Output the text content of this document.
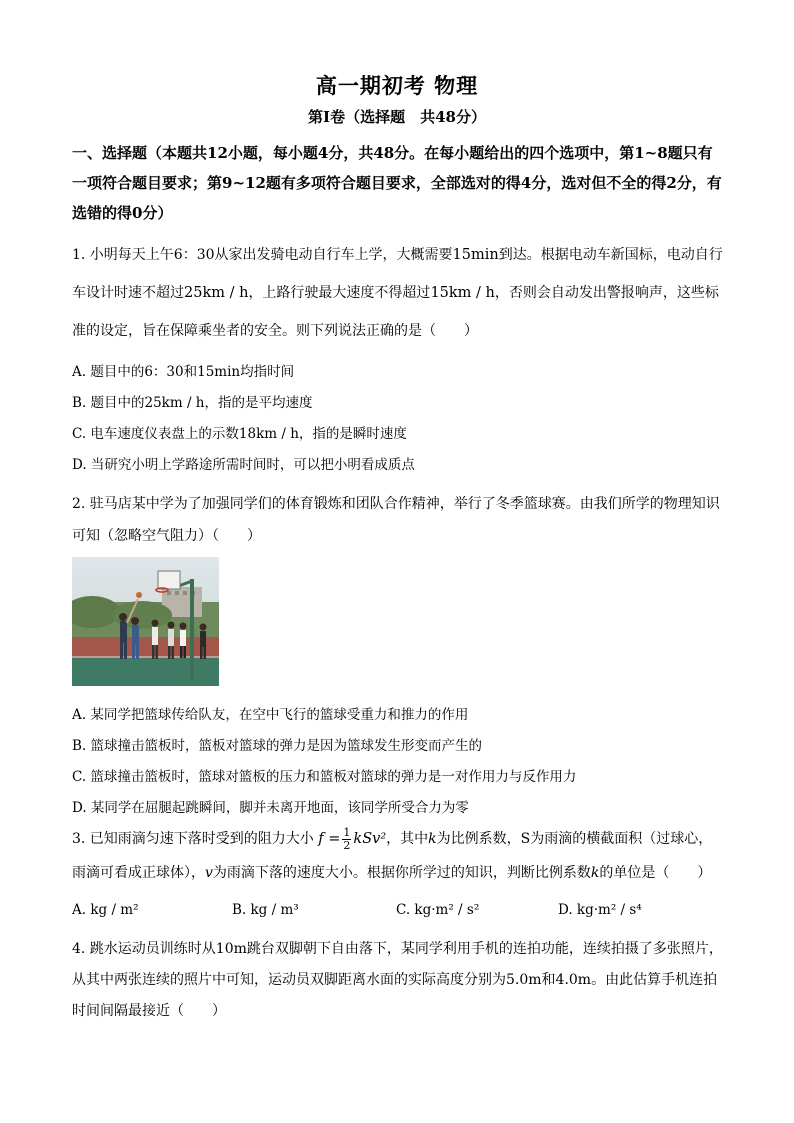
高一期初考 物理
第Ⅰ卷（选择题　共48分）
一、选择题（本题共12小题，每小题4分，共48分。在每小题给出的四个选项中，第1~8题只有一项符合题目要求；第9~12题有多项符合题目要求，全部选对的得4分，选对但不全的得2分，有选错的得0分）
1. 小明每天上午6：30从家出发骑电动自行车上学，大概需要15min到达。根据电动车新国标，电动自行车设计时速不超过25km / h，上路行驶最大速度不得超过15km / h，否则会自动发出警报响声，这些标准的设定，旨在保障乘坐者的安全。则下列说法正确的是（　　）
A. 题目中的6：30和15min均指时间
B. 题目中的25km / h，指的是平均速度
C. 电车速度仪表盘上的示数18km / h，指的是瞬时速度
D. 当研究小明上学路途所需时间时，可以把小明看成质点
2. 驻马店某中学为了加强同学们的体育锻炼和团队合作精神，举行了冬季篮球赛。由我们所学的物理知识可知（忽略空气阻力）（　　）
A. 某同学把篮球传给队友，在空中飞行的篮球受重力和推力的作用
B. 篮球撞击篮板时，篮板对篮球的弹力是因为篮球发生形变而产生的
C. 篮球撞击篮板时，篮球对篮板的压力和篮板对篮球的弹力是一对作用力与反作用力
D. 某同学在屈腿起跳瞬间，脚并未离开地面，该同学所受合力为零
3. 已知雨滴匀速下落时受到的阻力大小 $f = \frac{1}{2} kSv^2$，其中k为比例系数，S为雨滴的横截面积（过球心，雨滴可看成正球体），v为雨滴下落的速度大小。根据你所学过的知识，判断比例系数k的单位是（　　）
A. kg / m²	B. kg / m³	C. kg·m² / s²	D. kg·m² / s⁴
4. 跳水运动员训练时从10m跳台双脚朝下自由落下，某同学利用手机的连拍功能，连续拍摄了多张照片，从其中两张连续的照片中可知，运动员双脚距离水面的实际高度分别为5.0m和4.0m。由此估算手机连拍时间间隔最接近（　　）
